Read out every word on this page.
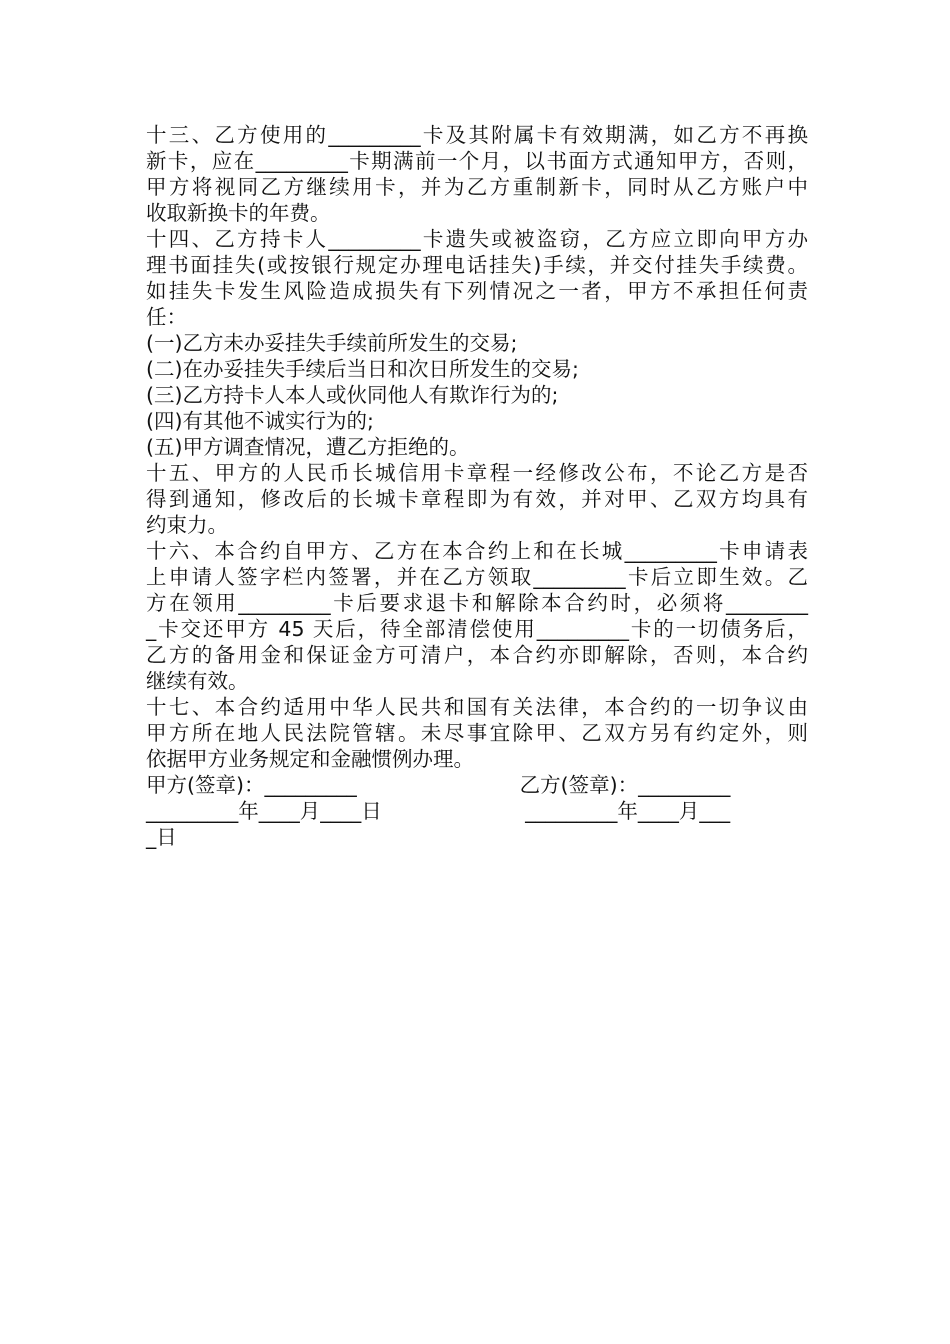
十三、乙方使用的_________卡及其附属卡有效期满，如乙方不再换
新卡，应在_________卡期满前一个月，以书面方式通知甲方，否则，
甲方将视同乙方继续用卡，并为乙方重制新卡，同时从乙方账户中
收取新换卡的年费。
十四、乙方持卡人_________卡遗失或被盗窃，乙方应立即向甲方办
理书面挂失(或按银行规定办理电话挂失)手续，并交付挂失手续费。
如挂失卡发生风险造成损失有下列情况之一者，甲方不承担任何责
任：
(一)乙方未办妥挂失手续前所发生的交易;
(二)在办妥挂失手续后当日和次日所发生的交易;
(三)乙方持卡人本人或伙同他人有欺诈行为的;
(四)有其他不诚实行为的;
(五)甲方调查情况，遭乙方拒绝的。
十五、甲方的人民币长城信用卡章程一经修改公布，不论乙方是否
得到通知，修改后的长城卡章程即为有效，并对甲、乙双方均具有
约束力。
十六、本合约自甲方、乙方在本合约上和在长城_________卡申请表
上申请人签字栏内签署，并在乙方领取_________卡后立即生效。乙
方在领用_________卡后要求退卡和解除本合约时，必须将________
_卡交还甲方 45 天后，待全部清偿使用_________卡的一切债务后，
乙方的备用金和保证金方可清户，本合约亦即解除，否则，本合约
继续有效。
十七、本合约适用中华人民共和国有关法律，本合约的一切争议由
甲方所在地人民法院管辖。未尽事宜除甲、乙双方另有约定外，则
依据甲方业务规定和金融惯例办理。
甲方(签章)：_________                         乙方(签章)：_________
_________年____月____日                      _________年____月___
_日
